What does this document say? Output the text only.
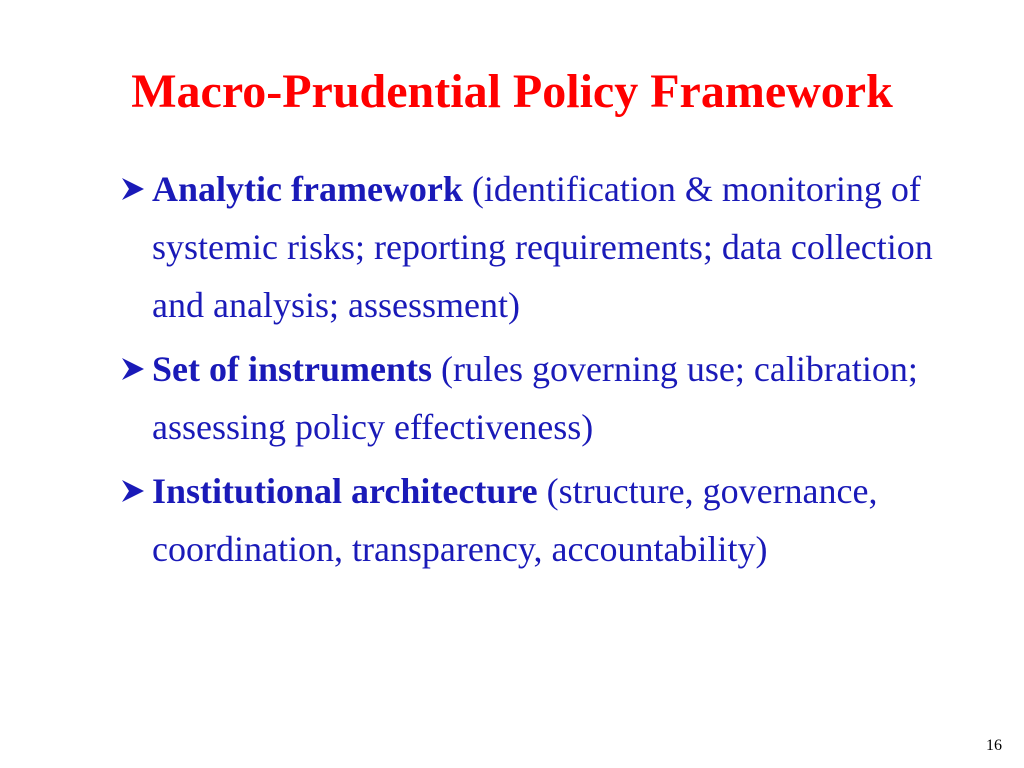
Macro-Prudential Policy Framework
Analytic framework (identification & monitoring of systemic risks; reporting requirements; data collection and analysis; assessment)
Set of instruments (rules governing use; calibration; assessing policy effectiveness)
Institutional architecture (structure, governance, coordination, transparency, accountability)
16
